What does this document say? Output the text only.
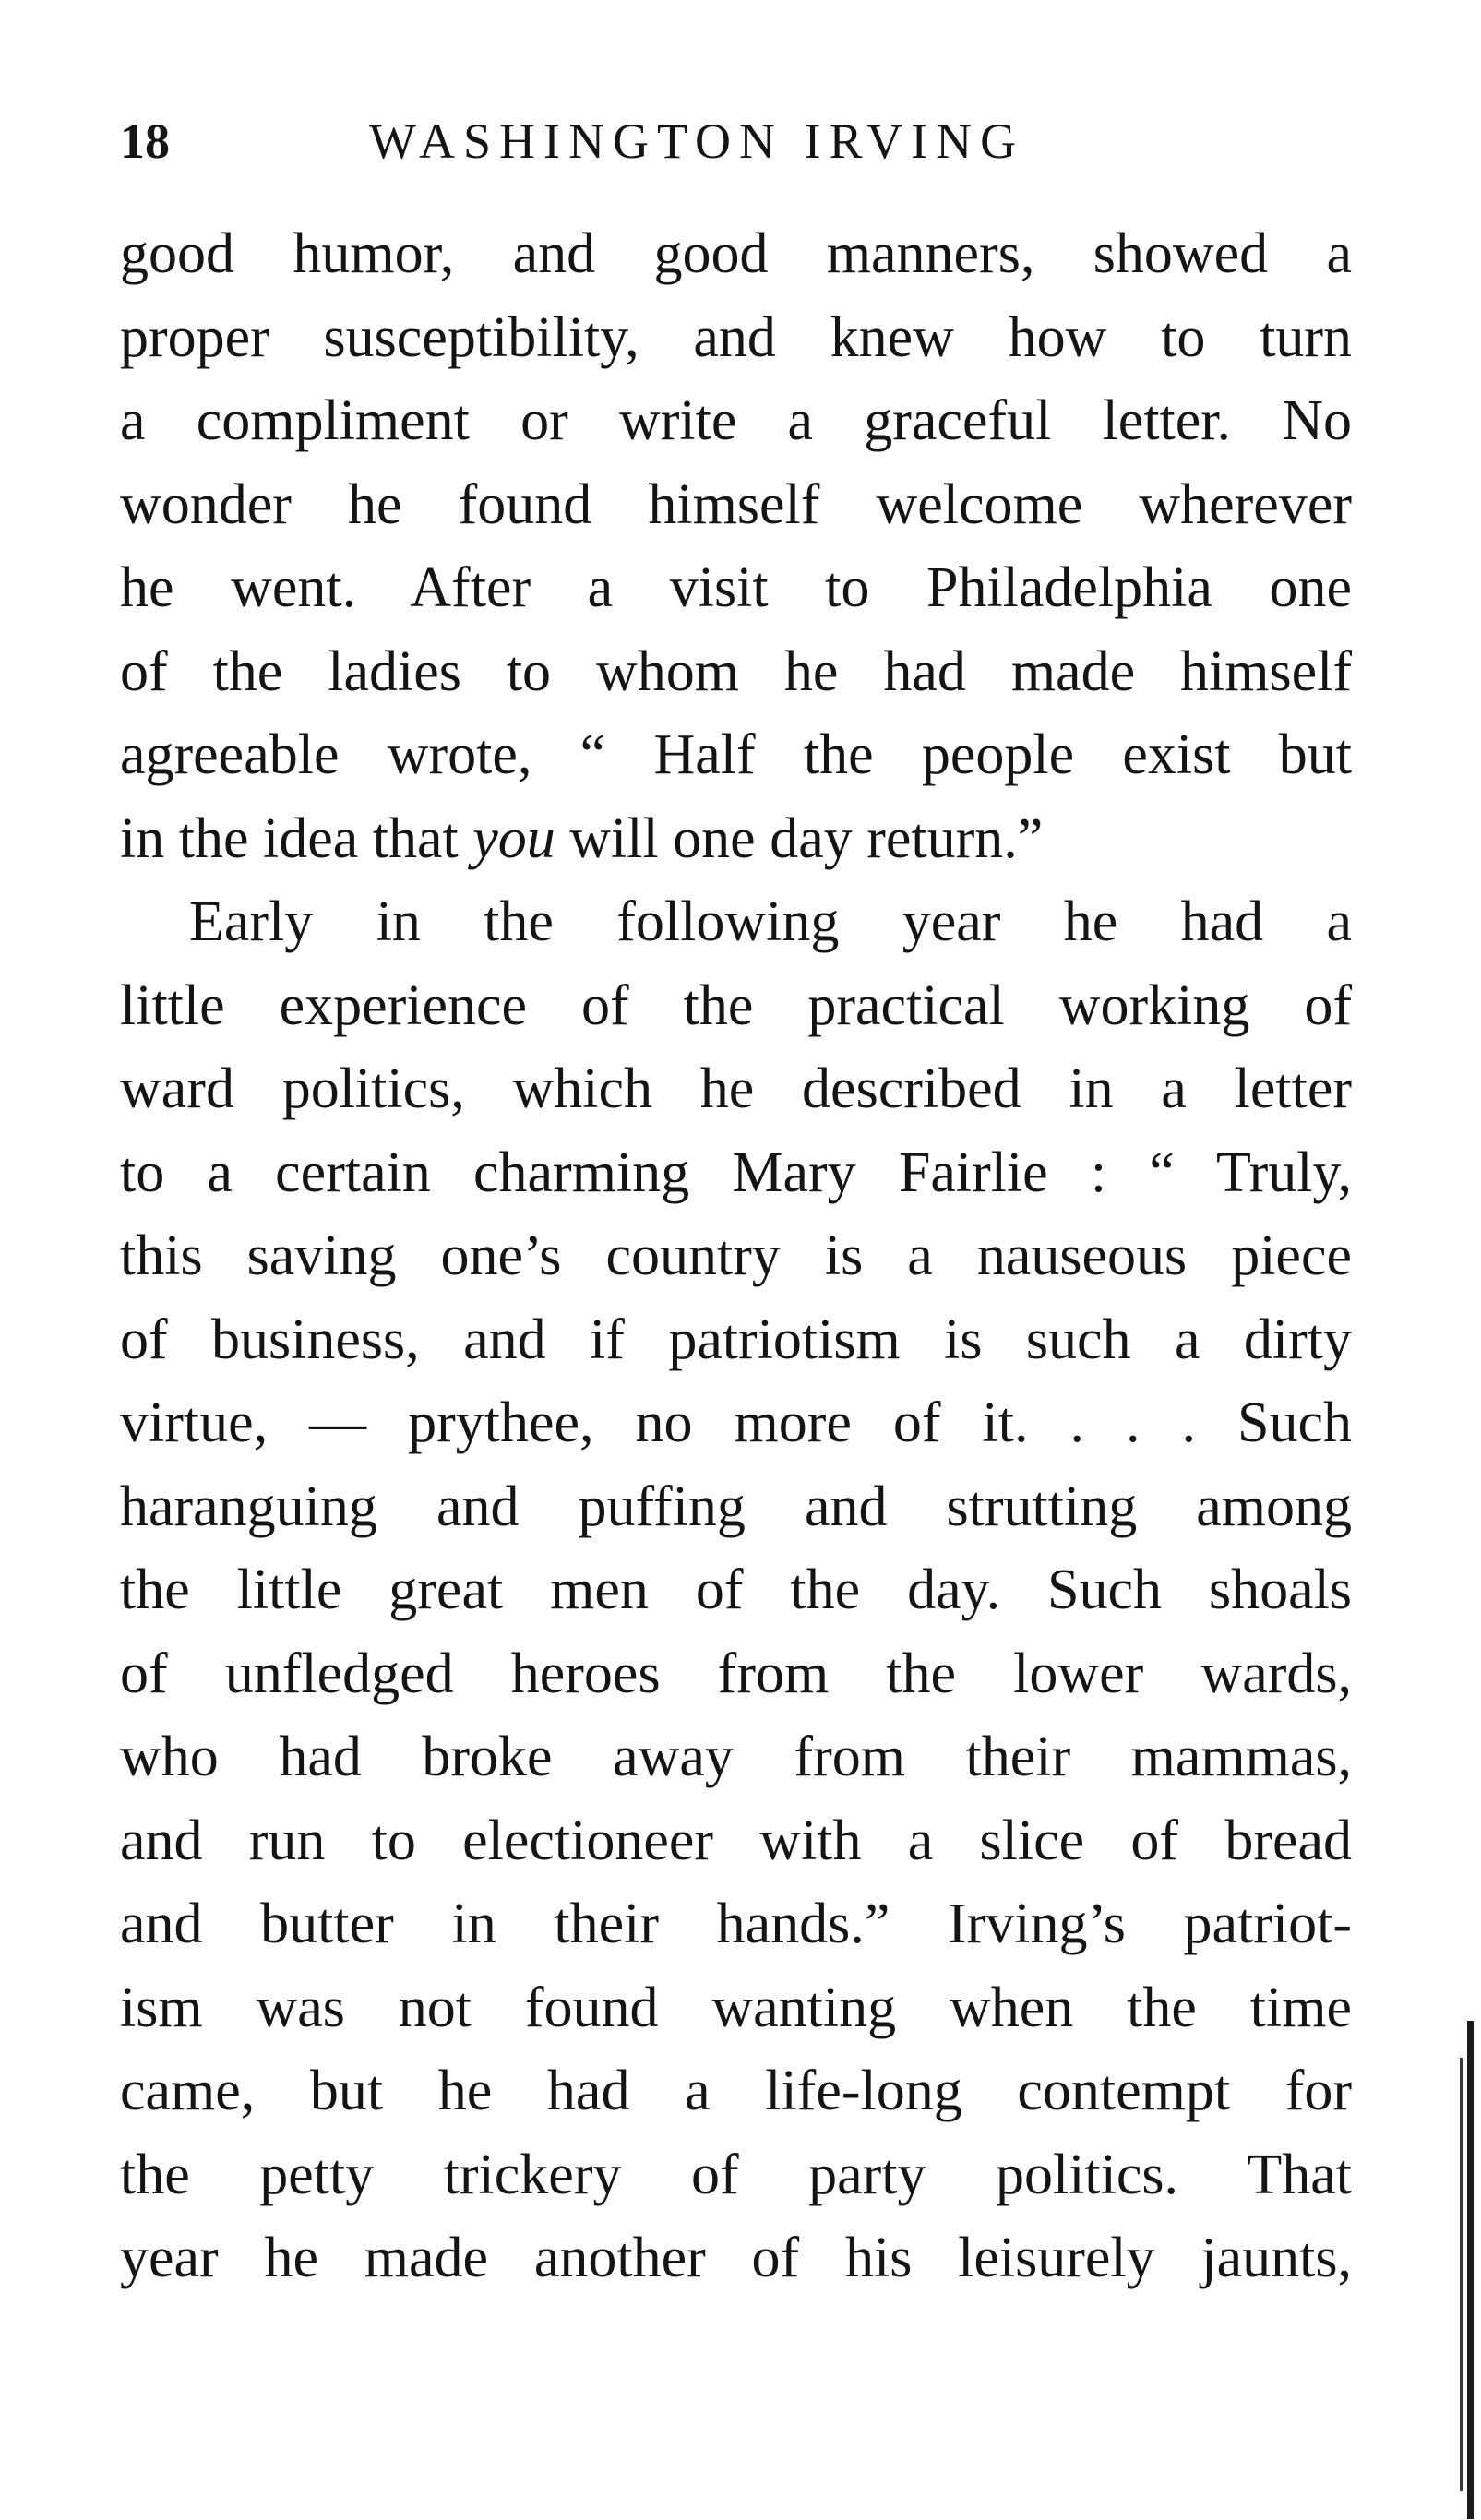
18	WASHINGTON IRVING
good humor, and good manners, showed a
proper susceptibility, and knew how to turn
a compliment or write a graceful letter. No
wonder he found himself welcome wherever
he went. After a visit to Philadelphia one
of the ladies to whom he had made himself
agreeable wrote, “ Half the people exist but
in the idea that you will one day return.”
Early in the following year he had a
little experience of the practical working of
ward politics, which he described in a letter
to a certain charming Mary Fairlie : “ Truly,
this saving one’s country is a nauseous piece
of business, and if patriotism is such a dirty
virtue, — prythee, no more of it. . . . Such
haranguing and puffing and strutting among
the little great men of the day. Such shoals
of unfledged heroes from the lower wards,
who had broke away from their mammas,
and run to electioneer with a slice of bread
and butter in their hands.” Irving’s patriot-
ism was not found wanting when the time
came, but he had a life-long contempt for
the petty trickery of party politics. That
year he made another of his leisurely jaunts,
